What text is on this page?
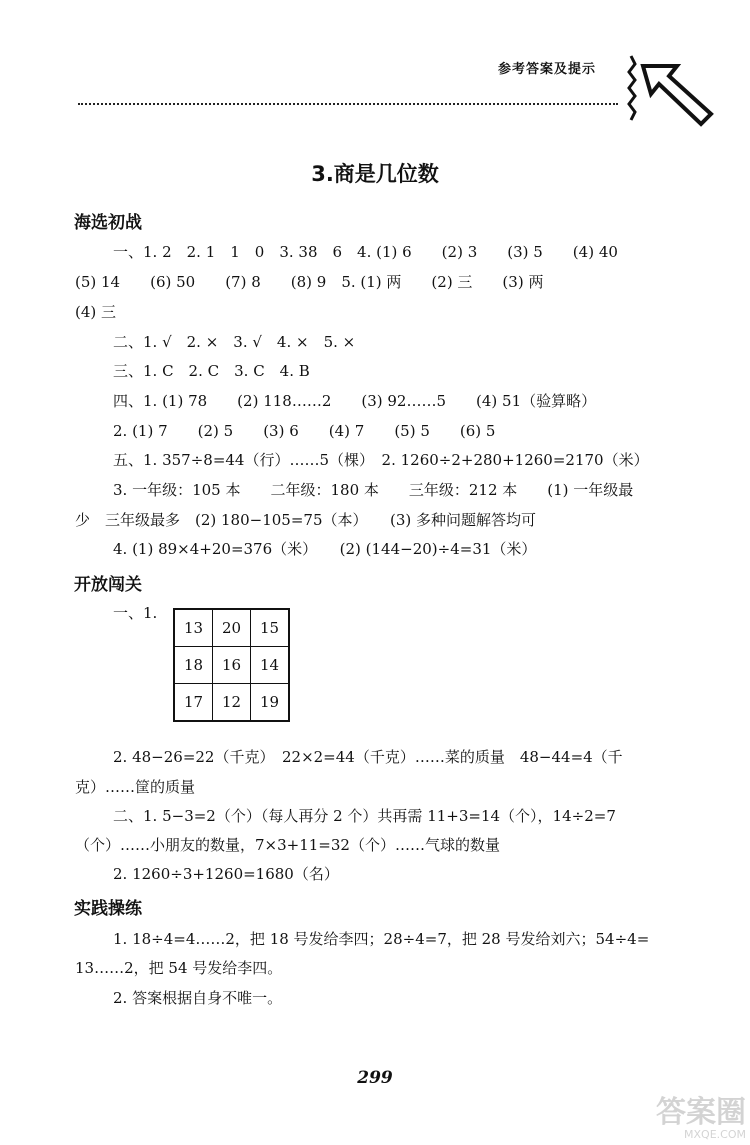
参考答案及提示
3.商是几位数
海选初战
一、1. 2　2. 1　1　0　3. 38　6　4. (1) 6　　(2) 3　　(3) 5　　(4) 40
(5) 14　　(6) 50　　(7) 8　　(8) 9　5. (1) 两　　(2) 三　　(3) 两
(4) 三
二、1. √　2. ×　3. √　4. ×　5. ×
三、1. C　2. C　3. C　4. B
四、1. (1) 78　　(2) 118……2　　(3) 92……5　　(4) 51（验算略）
2. (1) 7　　(2) 5　　(3) 6　　(4) 7　　(5) 5　　(6) 5
五、1. 357÷8=44（行）……5（棵）　2. 1260÷2+280+1260=2170（米）
3. 一年级：105 本　　二年级：180 本　　三年级：212 本　　(1) 一年级最
少　三年级最多　(2) 180−105=75（本）　　(3) 多种问题解答均可
4. (1) 89×4+20=376（米）　　(2) (144−20)÷4=31（米）
开放闯关
一、1.
13	20	15
18	16	14
17	12	19
2. 48−26=22（千克）　22×2=44（千克）……菜的质量　48−44=4（千
克）……筐的质量
二、1. 5−3=2（个）（每人再分 2 个）共再需 11+3=14（个），14÷2=7
（个）……小朋友的数量，7×3+11=32（个）……气球的数量
2. 1260÷3+1260=1680（名）
实践操练
1. 18÷4=4……2，把 18 号发给李四；28÷4=7，把 28 号发给刘六；54÷4=
13……2，把 54 号发给李四。
2. 答案根据自身不唯一。
299
答案圈
MXQE.COM
